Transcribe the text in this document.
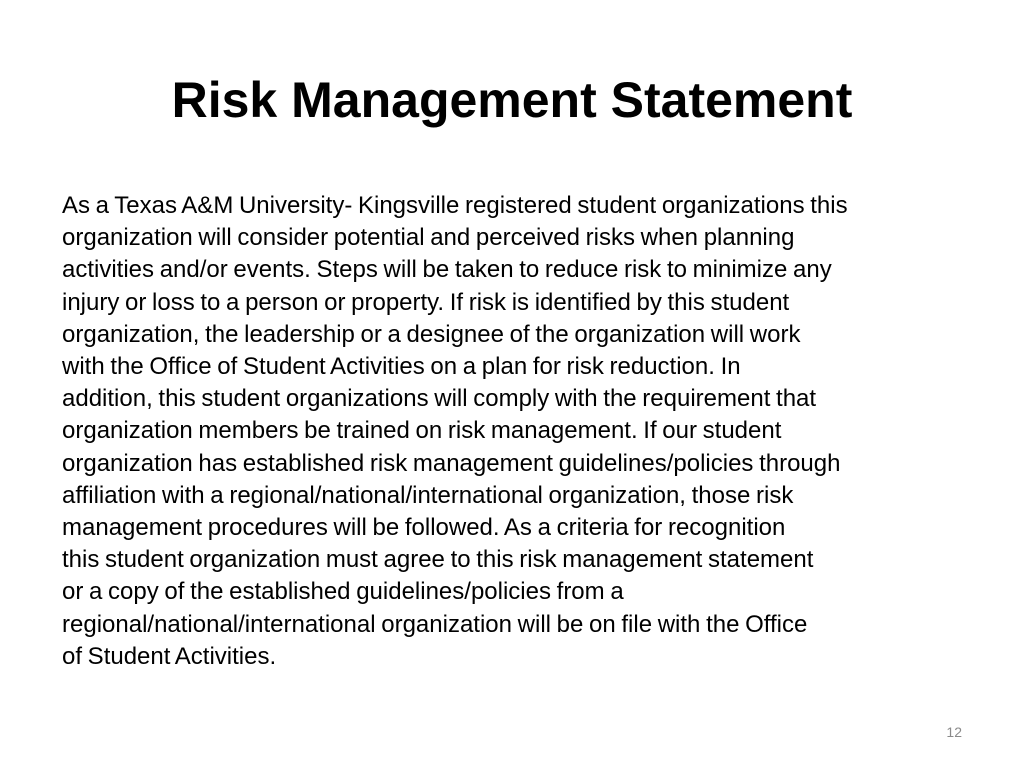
Risk Management Statement

As a Texas A&M University- Kingsville registered student organizations this
organization will consider potential and perceived risks when planning
activities and/or events. Steps will be taken to reduce risk to minimize any
injury or loss to a person or property. If risk is identified by this student
organization, the leadership or a designee of the organization will work
with the Office of Student Activities on a plan for risk reduction. In
addition, this student organizations will comply with the requirement that
organization members be trained on risk management. If our student
organization has established risk management guidelines/policies through
affiliation with a regional/national/international organization, those risk
management procedures will be followed. As a criteria for recognition
this student organization must agree to this risk management statement
or a copy of the established guidelines/policies from a
regional/national/international organization will be on file with the Office
of Student Activities.

12
